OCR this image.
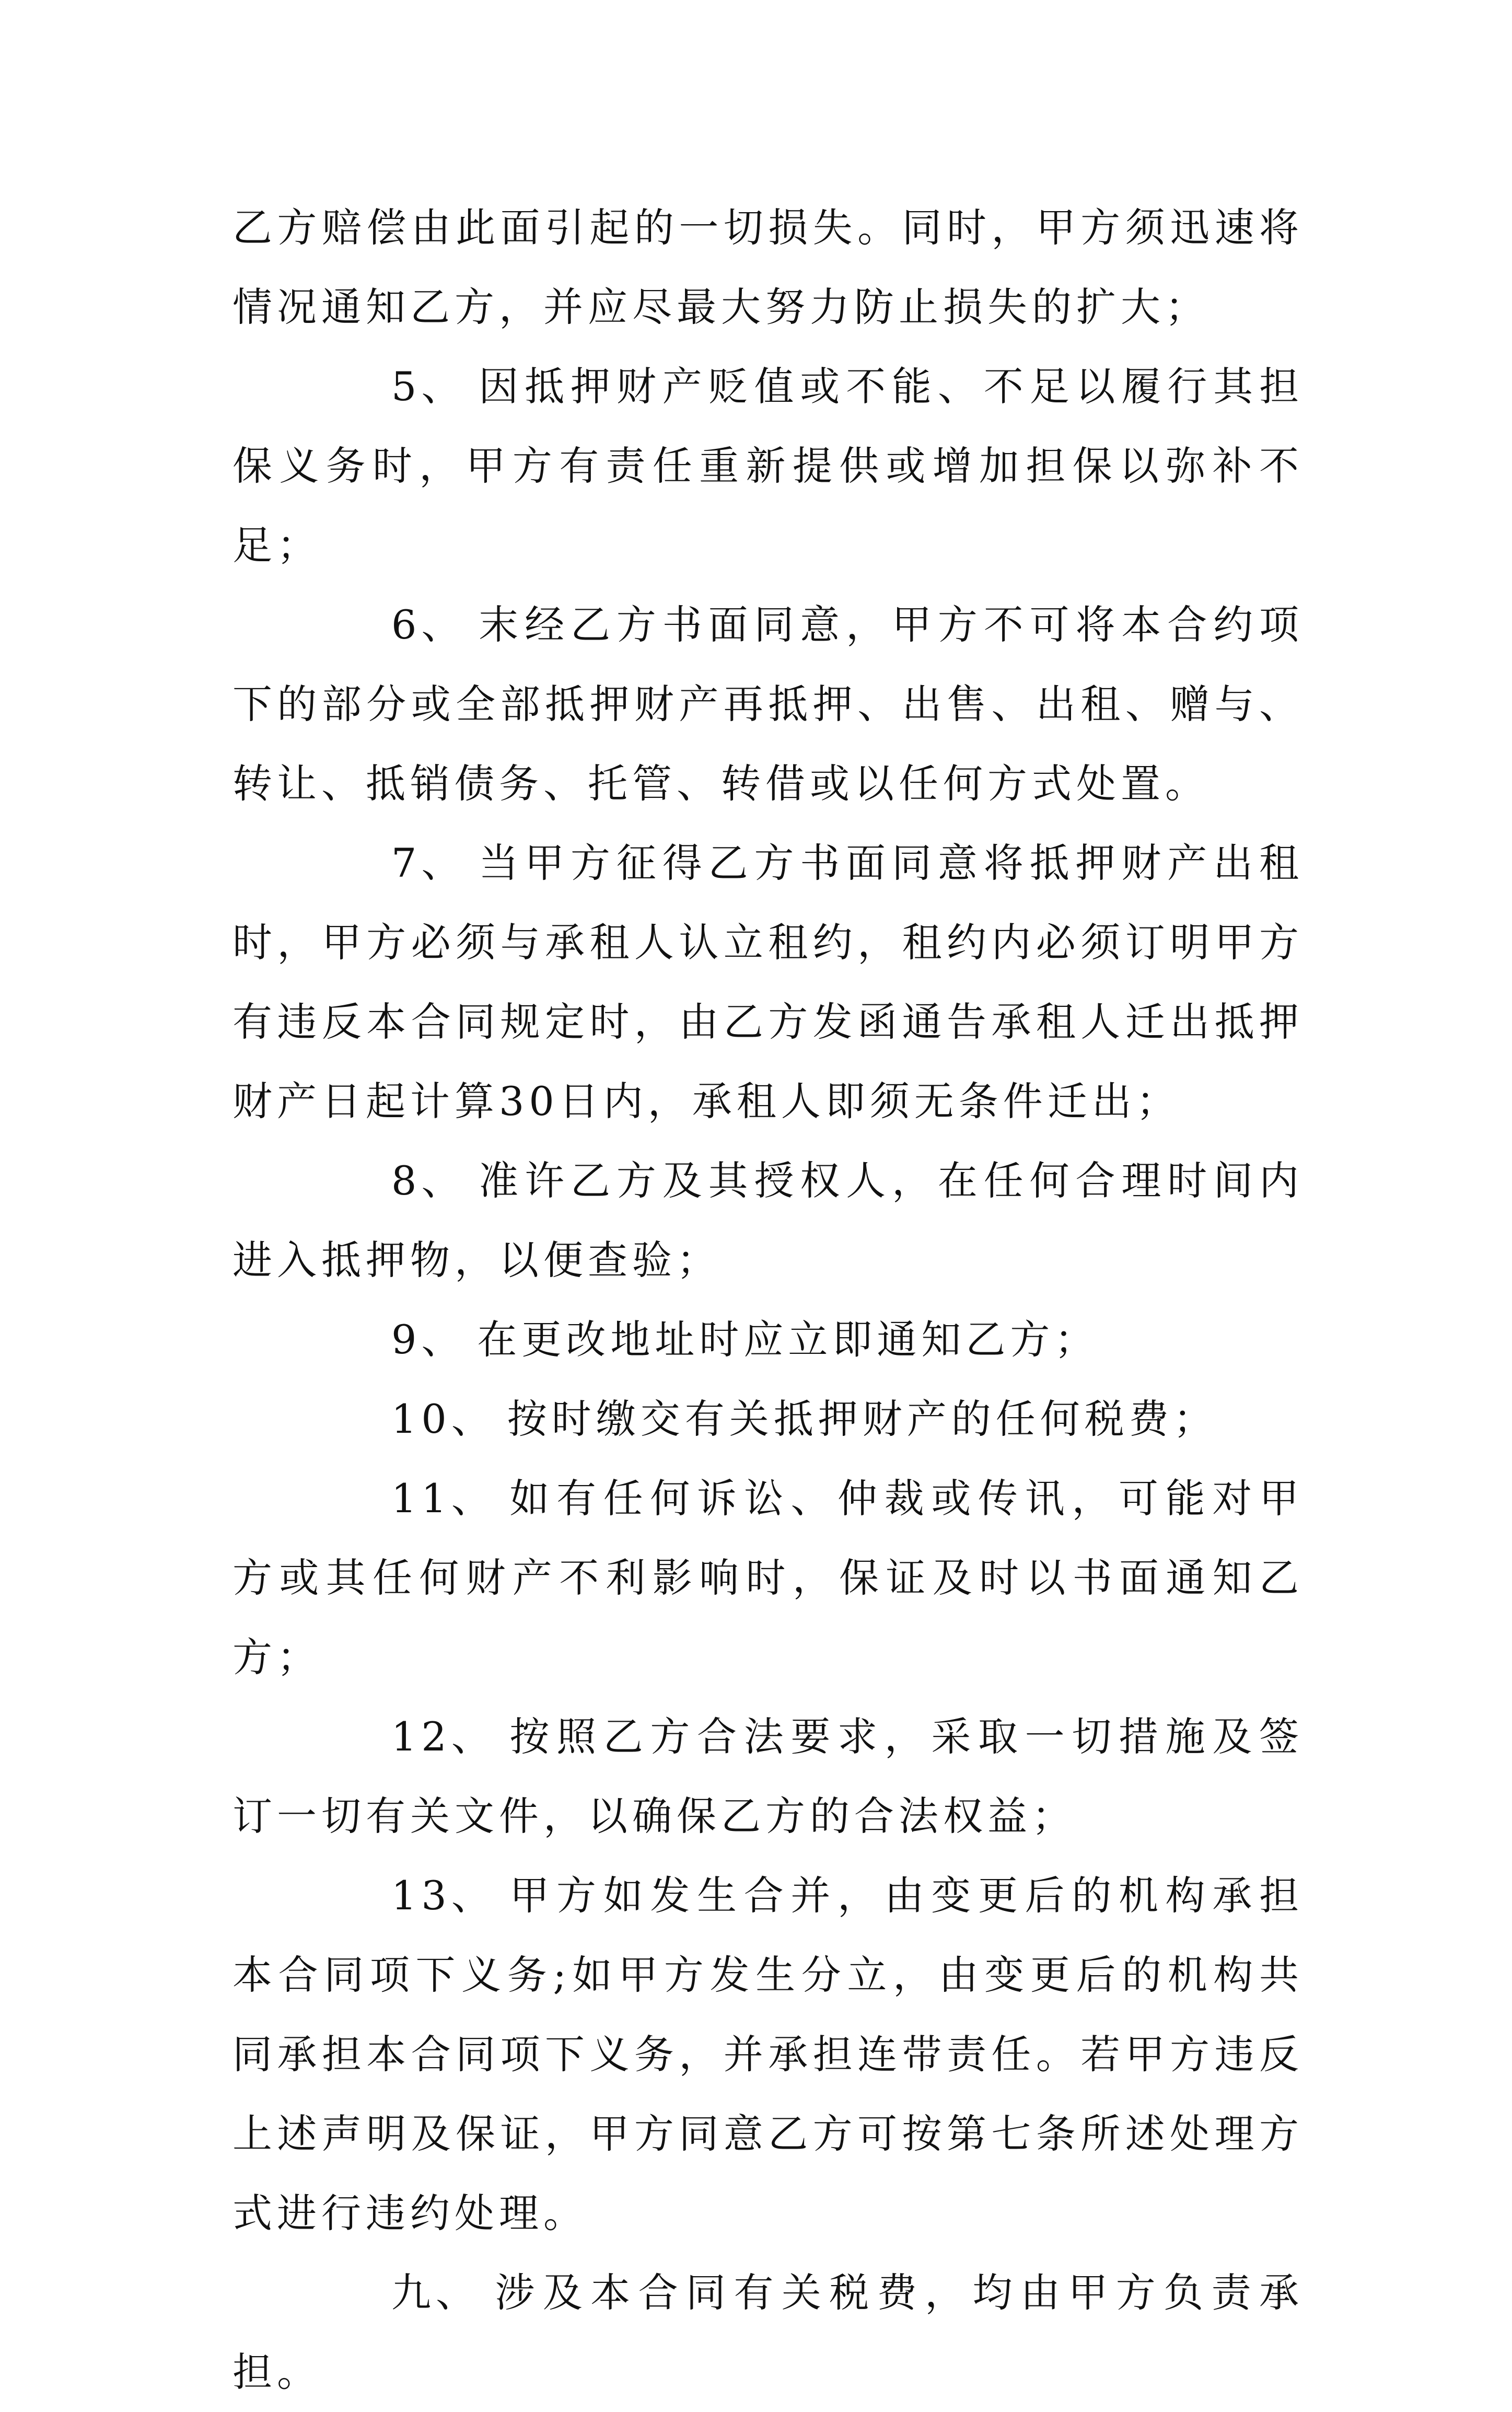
乙方赔偿由此面引起的一切损失。同时，甲方须迅速将情况通知乙方，并应尽最大努力防止损失的扩大；

5、 因抵押财产贬值或不能、不足以履行其担保义务时，甲方有责任重新提供或增加担保以弥补不足；

6、 末经乙方书面同意，甲方不可将本合约项下的部分或全部抵押财产再抵押、出售、出租、赠与、转让、抵销债务、托管、转借或以任何方式处置。

7、 当甲方征得乙方书面同意将抵押财产出租时，甲方必须与承租人认立租约，租约内必须订明甲方有违反本合同规定时，由乙方发函通告承租人迁出抵押财产日起计算30日内，承租人即须无条件迁出；

8、 准许乙方及其授权人，在任何合理时间内进入抵押物，以便查验；

9、 在更改地址时应立即通知乙方；

10、 按时缴交有关抵押财产的任何税费；

11、 如有任何诉讼、仲裁或传讯，可能对甲方或其任何财产不利影响时，保证及时以书面通知乙方；

12、 按照乙方合法要求，采取一切措施及签订一切有关文件，以确保乙方的合法权益；

13、 甲方如发生合并，由变更后的机构承担本合同项下义务;如甲方发生分立，由变更后的机构共同承担本合同项下义务，并承担连带责任。若甲方违反上述声明及保证，甲方同意乙方可按第七条所述处理方式进行违约处理。

九、 涉及本合同有关税费，均由甲方负责承担。
